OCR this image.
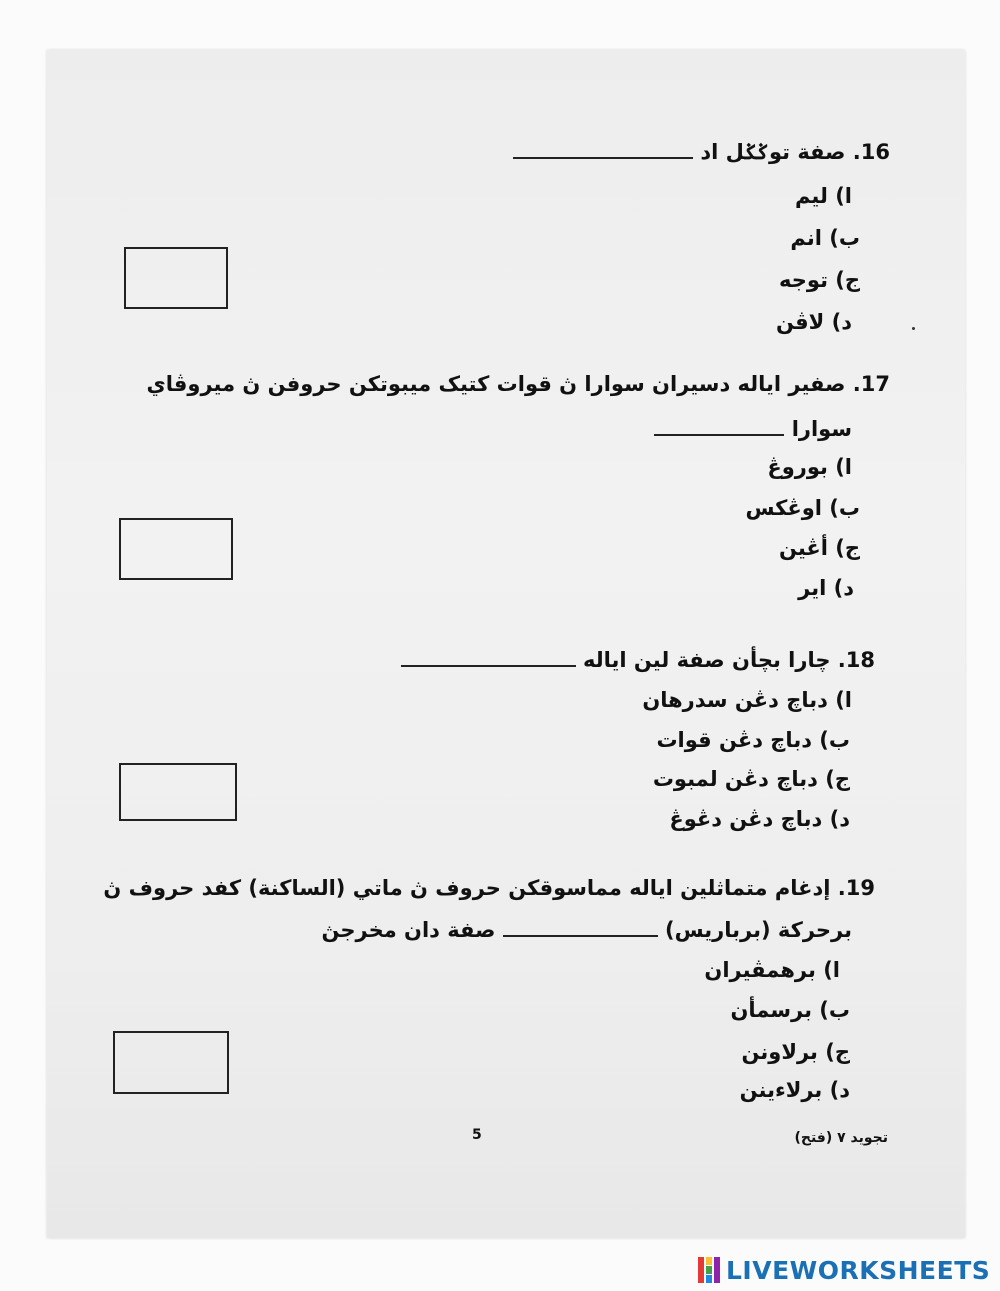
16. صفة توݢݢل اد
ا) ليم
ب) انم
ج) توجه
د) لاڤن
17. صفير اياله دسيران سوارا ڽ قوات كتيک ميبوتكن حروفن ڽ ميروڤاي
سوارا
ا) بوروڠ
ب) اوڠكس
ج) أڠين
د) اير
18. چارا بچأن صفة لين اياله
ا) دباچ دڠن سدرهان
ب) دباچ دڠن قوات
ج) دباچ دڠن لمبوت
د) دباچ دڠن دڠوڠ
19. إدغام متماثلين اياله مماسوقكن حروف ڽ ماتي (الساكنة) كفد حروف ڽ
برحركة (برباريس)  صفة دان مخرجڽ
ا) برهمڤيران
ب) برسمأن
ج) برلاونن
د) برلاءينن
5	تجويد ٧ (فتح)
LIVEWORKSHEETS
